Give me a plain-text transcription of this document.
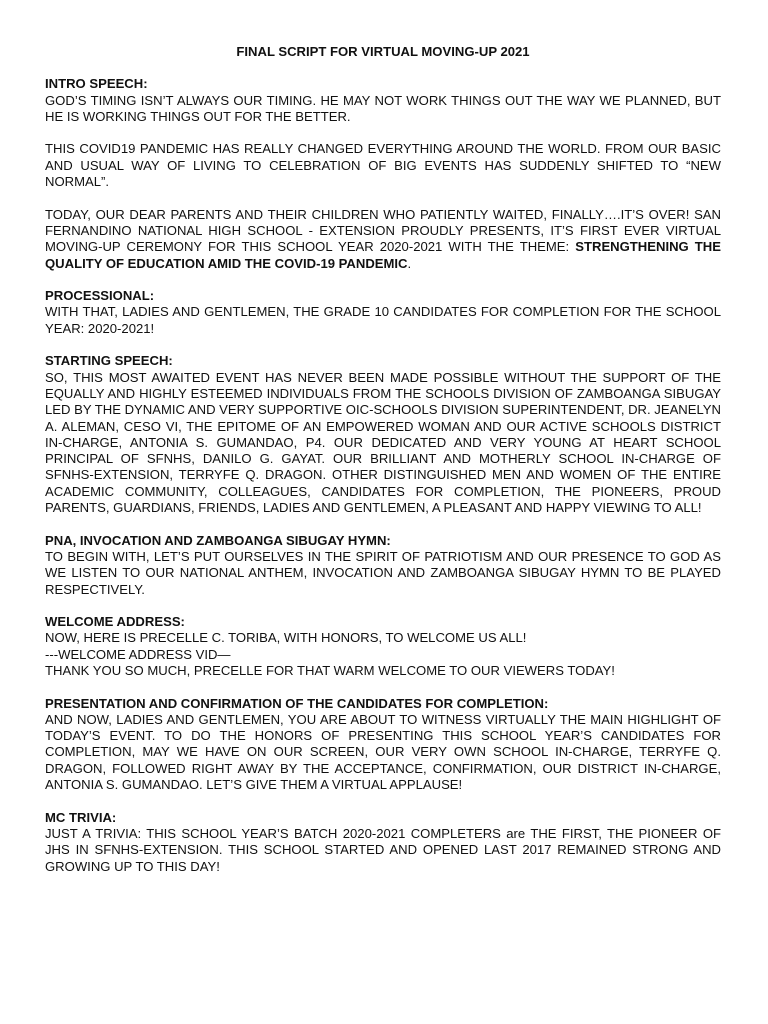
FINAL SCRIPT FOR VIRTUAL MOVING-UP 2021
INTRO SPEECH:

GOD’S TIMING ISN’T ALWAYS OUR TIMING. HE MAY NOT WORK THINGS OUT THE WAY WE PLANNED, BUT HE IS WORKING THINGS OUT FOR THE BETTER.

THIS COVID19 PANDEMIC HAS REALLY CHANGED EVERYTHING AROUND THE WORLD. FROM OUR BASIC AND USUAL WAY OF LIVING TO CELEBRATION OF BIG EVENTS HAS SUDDENLY SHIFTED TO “NEW NORMAL”.

TODAY, OUR DEAR PARENTS AND THEIR CHILDREN WHO PATIENTLY WAITED, FINALLY….IT’S OVER! SAN FERNANDINO NATIONAL HIGH SCHOOL - EXTENSION PROUDLY PRESENTS, IT’S FIRST EVER VIRTUAL MOVING-UP CEREMONY FOR THIS SCHOOL YEAR 2020-2021 WITH THE THEME: STRENGTHENING THE QUALITY OF EDUCATION AMID THE COVID-19 PANDEMIC.

PROCESSIONAL:

WITH THAT, LADIES AND GENTLEMEN, THE GRADE 10 CANDIDATES FOR COMPLETION FOR THE SCHOOL YEAR: 2020-2021!

STARTING SPEECH:

SO, THIS MOST AWAITED EVENT HAS NEVER BEEN MADE POSSIBLE WITHOUT THE SUPPORT OF THE EQUALLY AND HIGHLY ESTEEMED INDIVIDUALS FROM THE SCHOOLS DIVISION OF ZAMBOANGA SIBUGAY LED BY THE DYNAMIC AND VERY SUPPORTIVE OIC-SCHOOLS DIVISION SUPERINTENDENT, DR. JEANELYN A. ALEMAN, CESO VI, THE EPITOME OF AN EMPOWERED WOMAN AND OUR ACTIVE SCHOOLS DISTRICT IN-CHARGE, ANTONIA S. GUMANDAO, P4. OUR DEDICATED AND VERY YOUNG AT HEART SCHOOL PRINCIPAL OF SFNHS, DANILO G. GAYAT. OUR BRILLIANT AND MOTHERLY SCHOOL IN-CHARGE OF SFNHS-EXTENSION, TERRYFE Q. DRAGON. OTHER DISTINGUISHED MEN AND WOMEN OF THE ENTIRE ACADEMIC COMMUNITY, COLLEAGUES, CANDIDATES FOR COMPLETION, THE PIONEERS, PROUD PARENTS, GUARDIANS, FRIENDS, LADIES AND GENTLEMEN, A PLEASANT AND HAPPY VIEWING TO ALL!

PNA, INVOCATION AND ZAMBOANGA SIBUGAY HYMN:

TO BEGIN WITH, LET’S PUT OURSELVES IN THE SPIRIT OF PATRIOTISM AND OUR PRESENCE TO GOD AS WE LISTEN TO OUR NATIONAL ANTHEM, INVOCATION AND ZAMBOANGA SIBUGAY HYMN TO BE PLAYED RESPECTIVELY.

WELCOME ADDRESS:

NOW, HERE IS PRECELLE C. TORIBA, WITH HONORS, TO WELCOME US ALL!

---WELCOME ADDRESS VID—

THANK YOU SO MUCH, PRECELLE FOR THAT WARM WELCOME TO OUR VIEWERS TODAY!

PRESENTATION AND CONFIRMATION OF THE CANDIDATES FOR COMPLETION:

AND NOW, LADIES AND GENTLEMEN, YOU ARE ABOUT TO WITNESS VIRTUALLY THE MAIN HIGHLIGHT OF TODAY’S EVENT. TO DO THE HONORS OF PRESENTING THIS SCHOOL YEAR’S CANDIDATES FOR COMPLETION, MAY WE HAVE ON OUR SCREEN, OUR VERY OWN SCHOOL IN-CHARGE, TERRYFE Q. DRAGON, FOLLOWED RIGHT AWAY BY THE ACCEPTANCE, CONFIRMATION, OUR DISTRICT IN-CHARGE, ANTONIA S. GUMANDAO. LET’S GIVE THEM A VIRTUAL APPLAUSE!

MC TRIVIA:

JUST A TRIVIA: THIS SCHOOL YEAR’S BATCH 2020-2021 COMPLETERS are THE FIRST, THE PIONEER OF JHS IN SFNHS-EXTENSION. THIS SCHOOL STARTED AND OPENED LAST 2017 REMAINED STRONG AND GROWING UP TO THIS DAY!
